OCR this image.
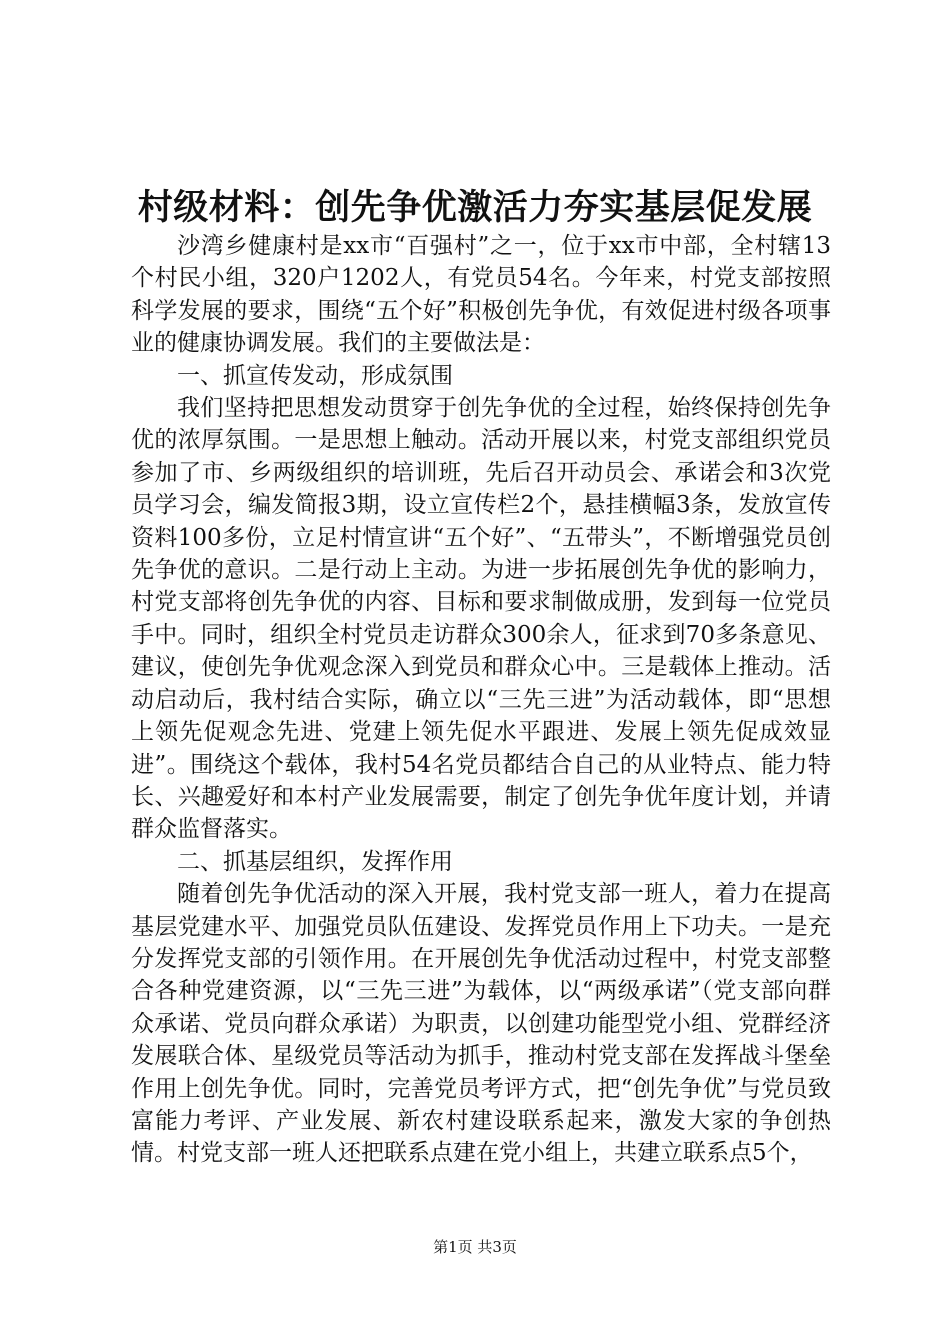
村级材料：创先争优激活力夯实基层促发展

沙湾乡健康村是xx市“百强村”之一，位于xx市中部，全村辖13个村民小组，320户1202人，有党员54名。今年来，村党支部按照科学发展的要求，围绕“五个好”积极创先争优，有效促进村级各项事业的健康协调发展。我们的主要做法是：

一、抓宣传发动，形成氛围

我们坚持把思想发动贯穿于创先争优的全过程，始终保持创先争优的浓厚氛围。一是思想上触动。活动开展以来，村党支部组织党员参加了市、乡两级组织的培训班，先后召开动员会、承诺会和3次党员学习会，编发简报3期，设立宣传栏2个，悬挂横幅3条，发放宣传资料100多份，立足村情宣讲“五个好”、“五带头”，不断增强党员创先争优的意识。二是行动上主动。为进一步拓展创先争优的影响力，村党支部将创先争优的内容、目标和要求制做成册，发到每一位党员手中。同时，组织全村党员走访群众300余人，征求到70多条意见、建议，使创先争优观念深入到党员和群众心中。三是载体上推动。活动启动后，我村结合实际，确立以“三先三进”为活动载体，即“思想上领先促观念先进、党建上领先促水平跟进、发展上领先促成效显进”。围绕这个载体，我村54名党员都结合自己的从业特点、能力特长、兴趣爱好和本村产业发展需要，制定了创先争优年度计划，并请群众监督落实。

二、抓基层组织，发挥作用

随着创先争优活动的深入开展，我村党支部一班人，着力在提高基层党建水平、加强党员队伍建设、发挥党员作用上下功夫。一是充分发挥党支部的引领作用。在开展创先争优活动过程中，村党支部整合各种党建资源，以“三先三进”为载体，以“两级承诺”（党支部向群众承诺、党员向群众承诺）为职责，以创建功能型党小组、党群经济发展联合体、星级党员等活动为抓手，推动村党支部在发挥战斗堡垒作用上创先争优。同时，完善党员考评方式，把“创先争优”与党员致富能力考评、产业发展、新农村建设联系起来，激发大家的争创热情。村党支部一班人还把联系点建在党小组上，共建立联系点5个，

第1页 共3页
